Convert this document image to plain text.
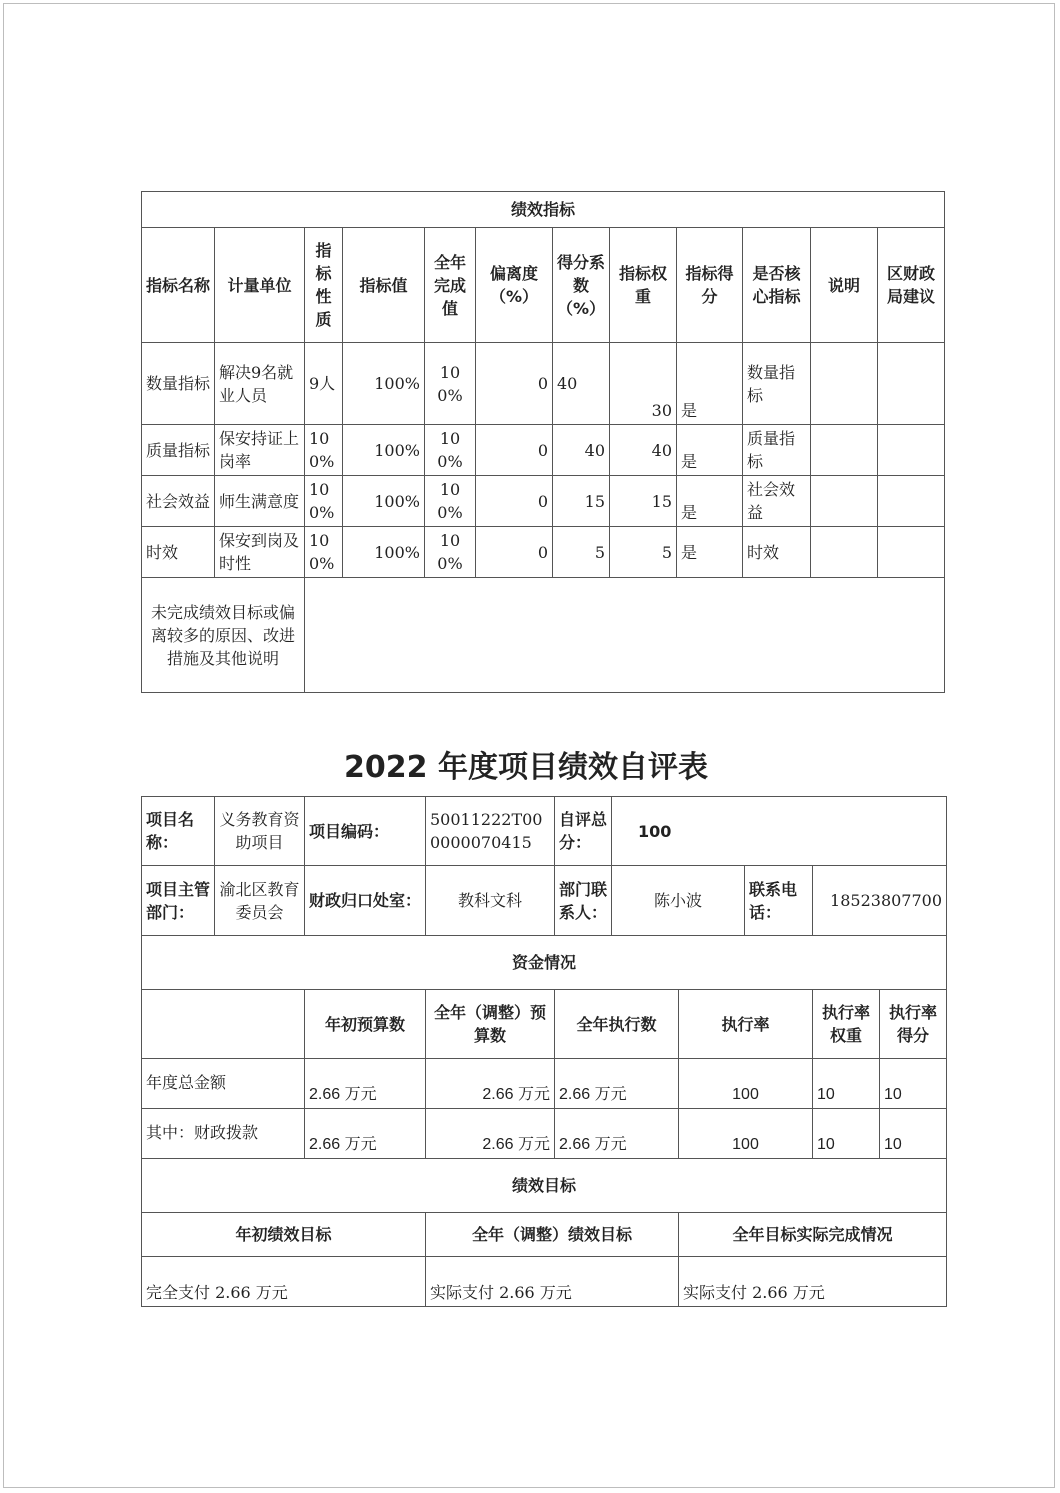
绩效指标											
指标名称	计量单位	指标性质	指标值	全年完成值	偏离度（%）	得分系数（%）	指标权重	指标得分	是否核心指标	说明	区财政局建议
数量指标	解决9名就业人员	9人	100%	100%	0	40	30	是	数量指标		
质量指标	保安持证上岗率	100%	100%	100%	0	40	40	是	质量指标		
社会效益	师生满意度	100%	100%	100%	0	15	15	是	社会效益		
时效	保安到岗及时性	100%	100%	100%	0	5	5	是	时效		
未完成绩效目标或偏离较多的原因、改进措施及其他说明											
2022 年度项目绩效自评表
项目名称：	义务教育资助项目	项目编码：	50011222T000000070415	自评总分：	100				
项目主管部门：	渝北区教育委员会	财政归口处室：	教科文科	部门联系人：	陈小波		联系电话：	18523807700	
资金情况									
		年初预算数	全年（调整）预算数	全年执行数		执行率		执行率权重	执行率得分
年度总金额		2.66 万元	2.66 万元	2.66 万元		100		10	10
其中：财政拨款		2.66 万元	2.66 万元	2.66 万元		100		10	10
绩效目标									
年初绩效目标			全年（调整）绩效目标			全年目标实际完成情况			
完全支付 2.66 万元			实际支付 2.66 万元			实际支付 2.66 万元			
